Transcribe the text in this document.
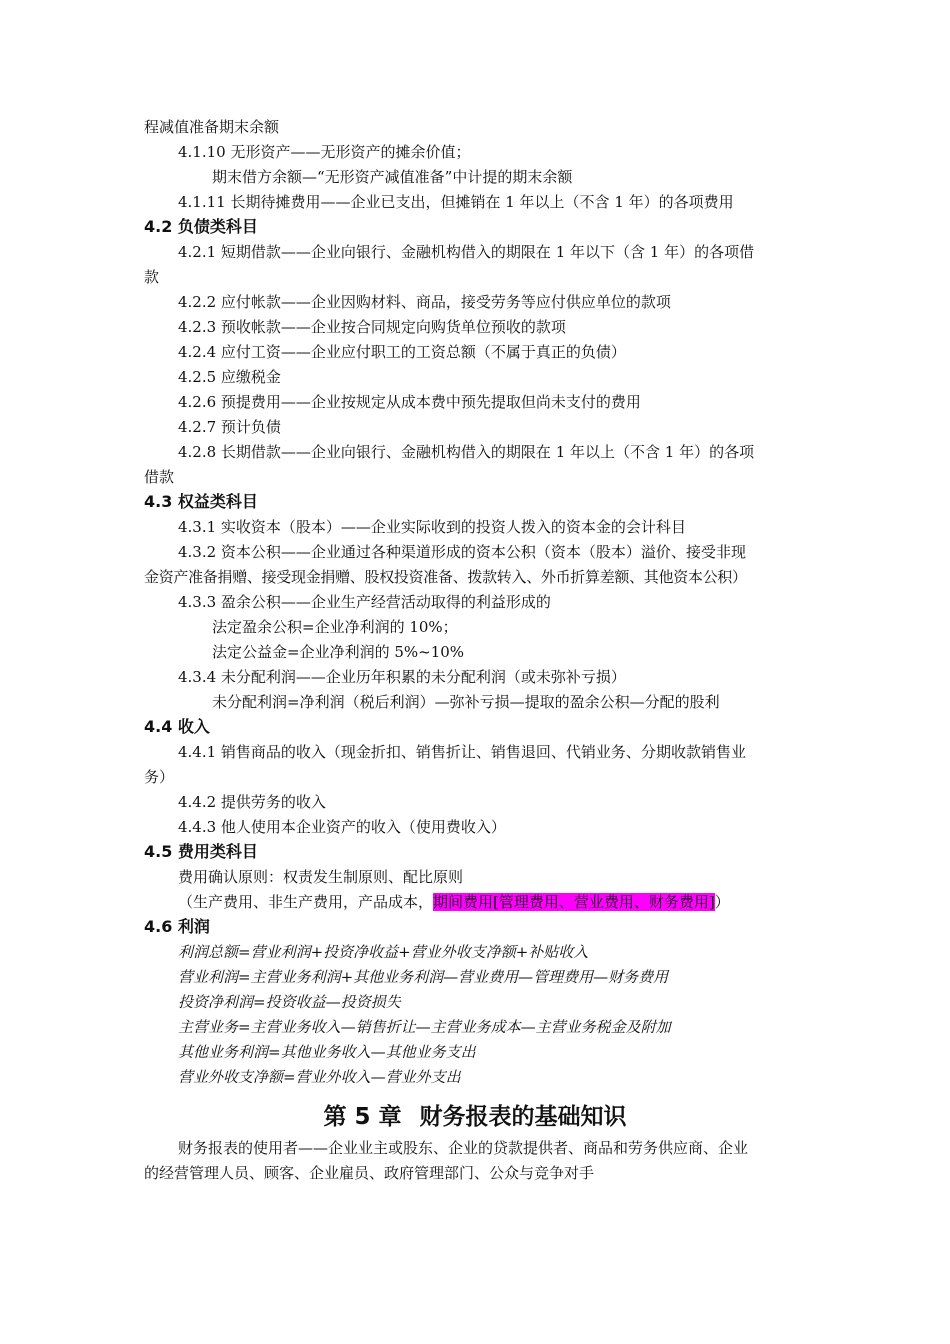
程减值准备期末余额
4.1.10 无形资产——无形资产的摊余价值；
期末借方余额—“无形资产减值准备”中计提的期末余额
4.1.11 长期待摊费用——企业已支出，但摊销在 1 年以上（不含 1 年）的各项费用
4.2 负债类科目
4.2.1 短期借款——企业向银行、金融机构借入的期限在 1 年以下（含 1 年）的各项借
款
4.2.2 应付帐款——企业因购材料、商品，接受劳务等应付供应单位的款项
4.2.3 预收帐款——企业按合同规定向购货单位预收的款项
4.2.4 应付工资——企业应付职工的工资总额（不属于真正的负债）
4.2.5 应缴税金
4.2.6 预提费用——企业按规定从成本费中预先提取但尚未支付的费用
4.2.7 预计负债
4.2.8 长期借款——企业向银行、金融机构借入的期限在 1 年以上（不含 1 年）的各项
借款
4.3 权益类科目
4.3.1 实收资本（股本）——企业实际收到的投资人拨入的资本金的会计科目
4.3.2 资本公积——企业通过各种渠道形成的资本公积（资本（股本）溢价、接受非现
金资产准备捐赠、接受现金捐赠、股权投资准备、拨款转入、外币折算差额、其他资本公积）
4.3.3 盈余公积——企业生产经营活动取得的利益形成的
法定盈余公积=企业净利润的 10%；
法定公益金=企业净利润的 5%~10%
4.3.4 未分配利润——企业历年积累的未分配利润（或未弥补亏损）
未分配利润=净利润（税后利润）—弥补亏损—提取的盈余公积—分配的股利
4.4 收入
4.4.1 销售商品的收入（现金折扣、销售折让、销售退回、代销业务、分期收款销售业
务）
4.4.2 提供劳务的收入
4.4.3 他人使用本企业资产的收入（使用费收入）
4.5 费用类科目
费用确认原则：权责发生制原则、配比原则
（生产费用、非生产费用，产品成本，期间费用[管理费用、营业费用、财务费用]）
4.6 利润
利润总额=营业利润+投资净收益+营业外收支净额+补贴收入
营业利润=主营业务利润+其他业务利润—营业费用—管理费用—财务费用
投资净利润=投资收益—投资损失
主营业务=主营业务收入—销售折让—主营业务成本—主营业务税金及附加
其他业务利润=其他业务收入—其他业务支出
营业外收支净额=营业外收入—营业外支出
第 5 章 财务报表的基础知识
财务报表的使用者——企业业主或股东、企业的贷款提供者、商品和劳务供应商、企业
的经营管理人员、顾客、企业雇员、政府管理部门、公众与竞争对手
